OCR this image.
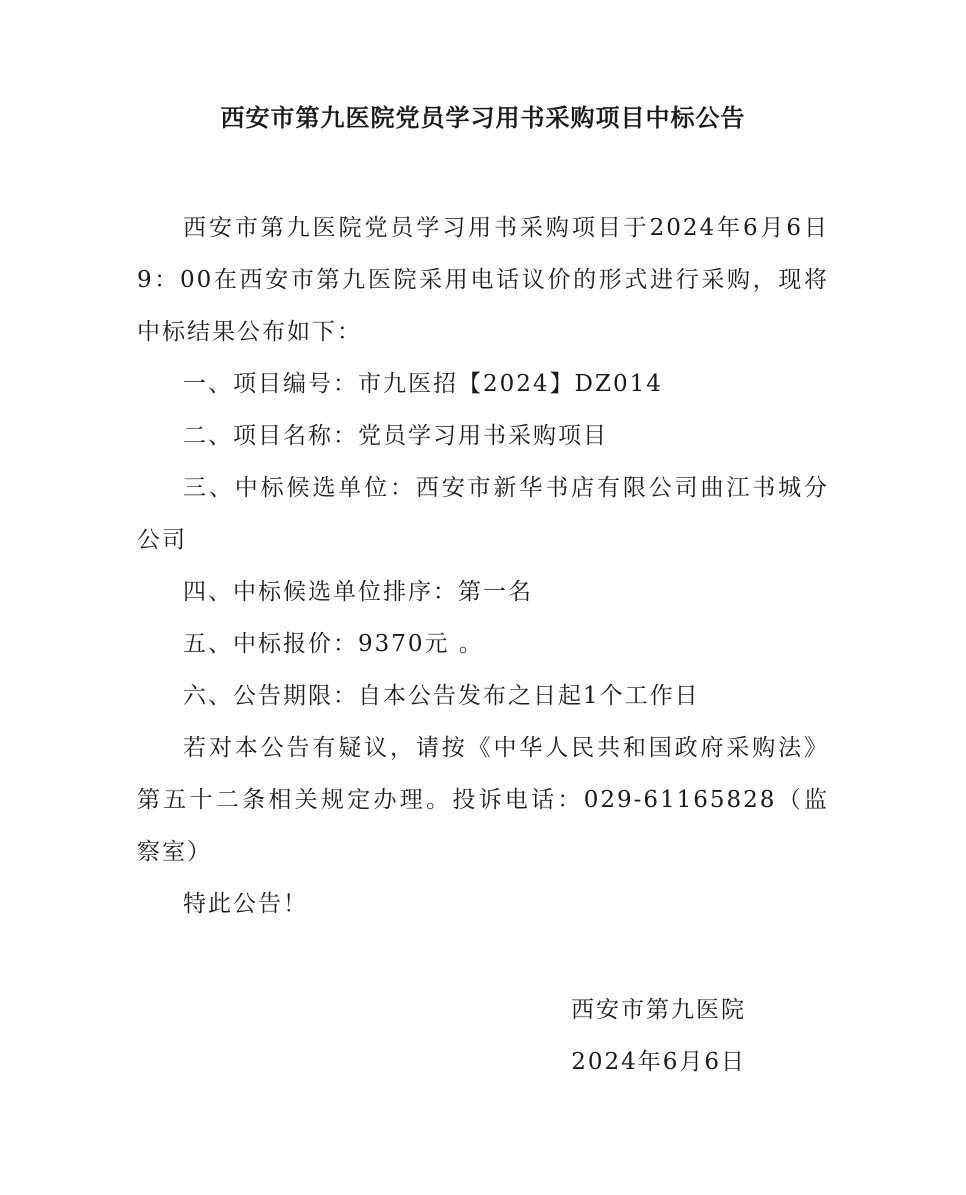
西安市第九医院党员学习用书采购项目中标公告

西安市第九医院党员学习用书采购项目于2024年6月6日9：00在西安市第九医院采用电话议价的形式进行采购，现将中标结果公布如下：

一、项目编号：市九医招【2024】DZ014

二、项目名称：党员学习用书采购项目

三、中标候选单位：西安市新华书店有限公司曲江书城分公司

四、中标候选单位排序：第一名

五、中标报价：9370元 。

六、公告期限：自本公告发布之日起1个工作日

若对本公告有疑议，请按《中华人民共和国政府采购法》第五十二条相关规定办理。投诉电话：029-61165828（监察室）

特此公告！

西安市第九医院
2024年6月6日
